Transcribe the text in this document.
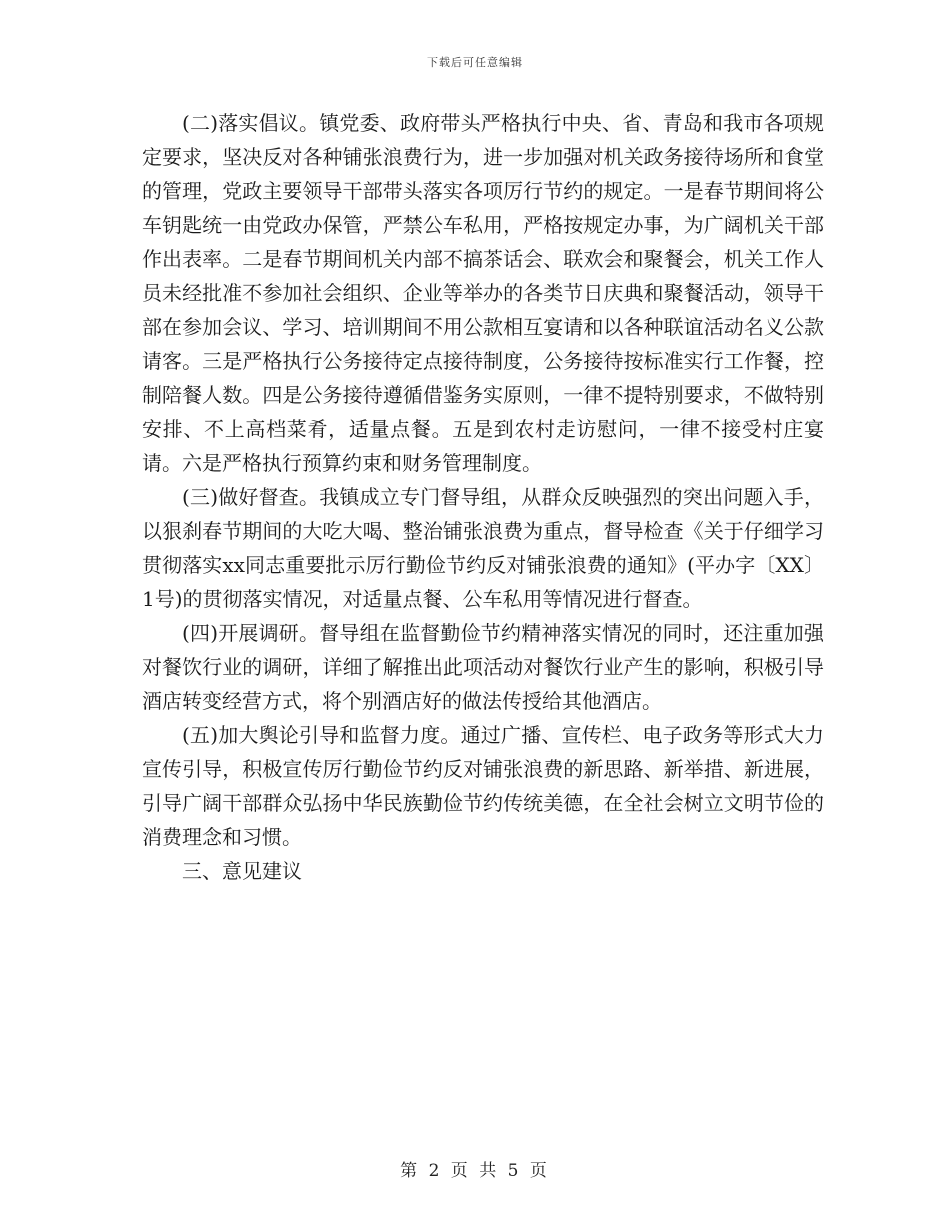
下载后可任意编辑

(二)落实倡议。镇党委、政府带头严格执行中央、省、青岛和我市各项规定要求，坚决反对各种铺张浪费行为，进一步加强对机关政务接待场所和食堂的管理，党政主要领导干部带头落实各项厉行节约的规定。一是春节期间将公车钥匙统一由党政办保管，严禁公车私用，严格按规定办事，为广阔机关干部作出表率。二是春节期间机关内部不搞茶话会、联欢会和聚餐会，机关工作人员未经批准不参加社会组织、企业等举办的各类节日庆典和聚餐活动，领导干部在参加会议、学习、培训期间不用公款相互宴请和以各种联谊活动名义公款请客。三是严格执行公务接待定点接待制度，公务接待按标准实行工作餐，控制陪餐人数。四是公务接待遵循借鉴务实原则，一律不提特别要求，不做特别安排、不上高档菜肴，适量点餐。五是到农村走访慰问，一律不接受村庄宴请。六是严格执行预算约束和财务管理制度。

(三)做好督查。我镇成立专门督导组，从群众反映强烈的突出问题入手，以狠刹春节期间的大吃大喝、整治铺张浪费为重点，督导检查《关于仔细学习贯彻落实xx同志重要批示厉行勤俭节约反对铺张浪费的通知》(平办字〔XX〕1号)的贯彻落实情况，对适量点餐、公车私用等情况进行督查。

(四)开展调研。督导组在监督勤俭节约精神落实情况的同时，还注重加强对餐饮行业的调研，详细了解推出此项活动对餐饮行业产生的影响，积极引导酒店转变经营方式，将个别酒店好的做法传授给其他酒店。

(五)加大舆论引导和监督力度。通过广播、宣传栏、电子政务等形式大力宣传引导，积极宣传厉行勤俭节约反对铺张浪费的新思路、新举措、新进展，引导广阔干部群众弘扬中华民族勤俭节约传统美德，在全社会树立文明节俭的消费理念和习惯。

三、意见建议

第 2 页 共 5 页
